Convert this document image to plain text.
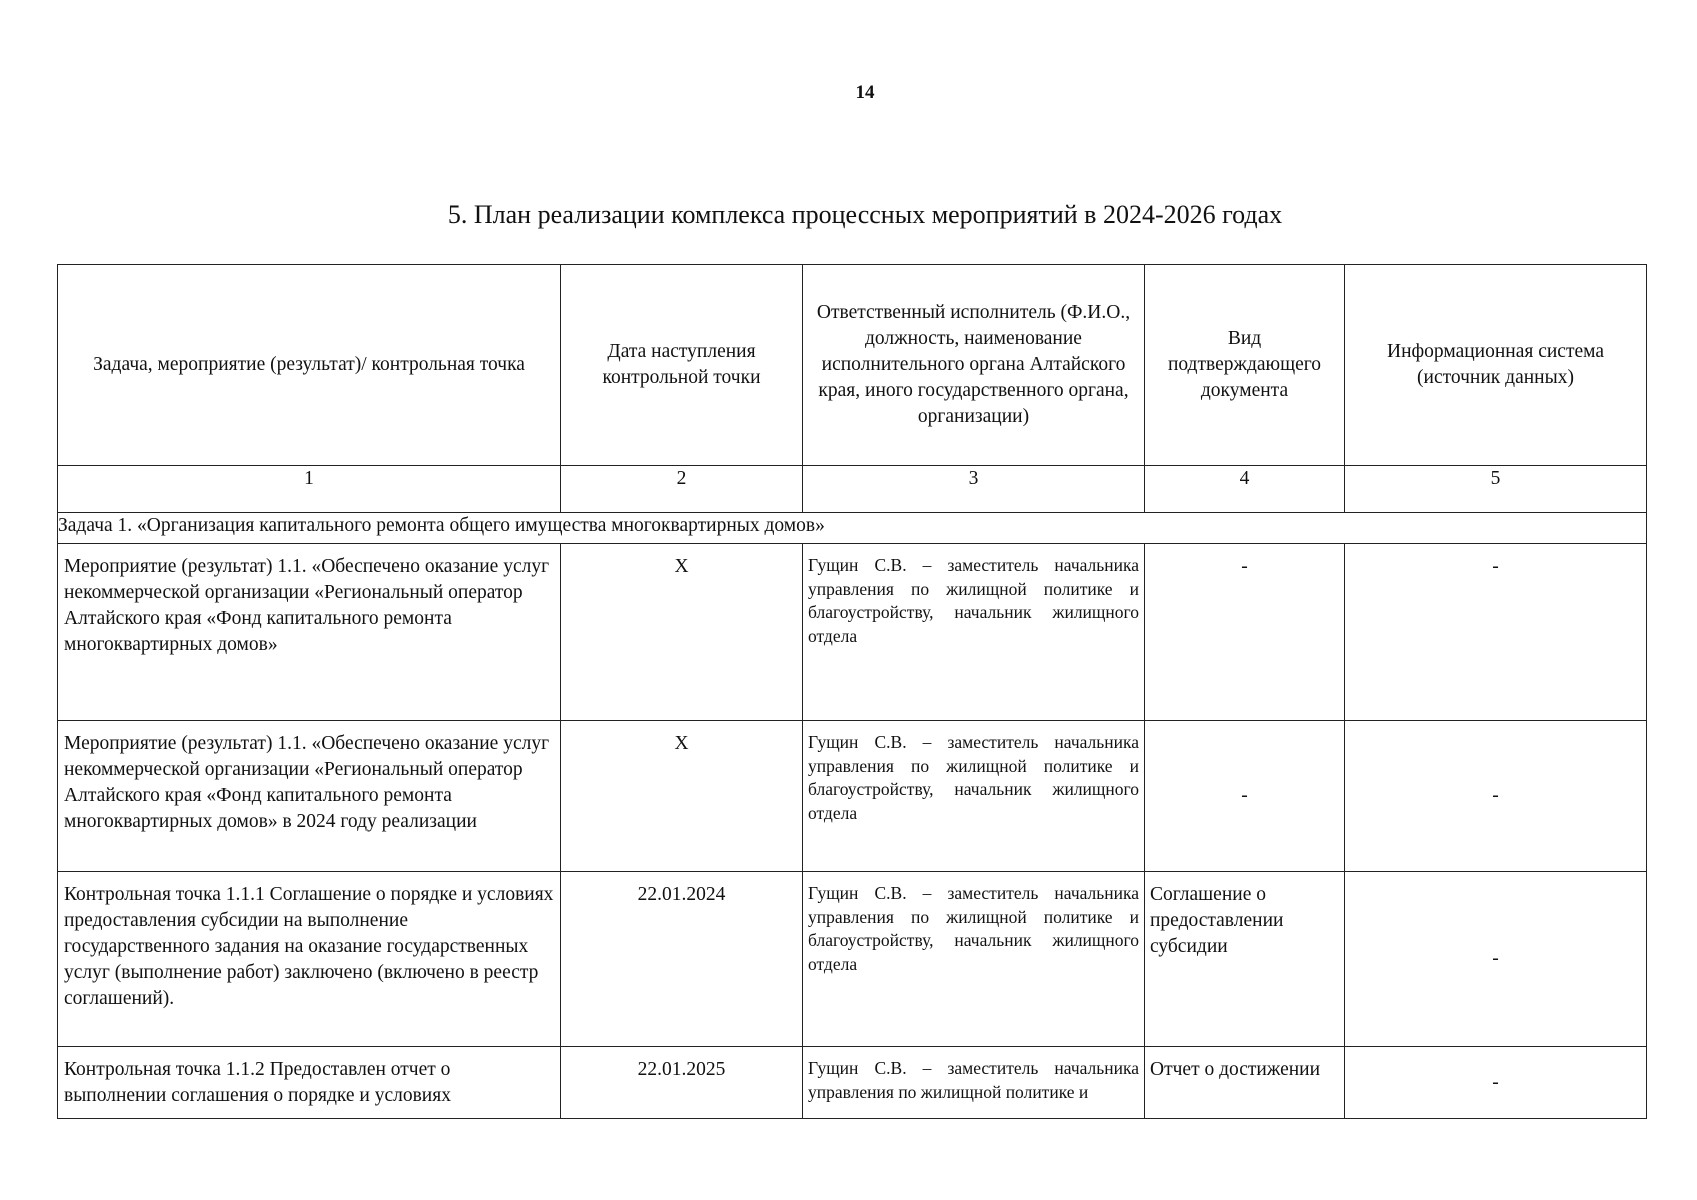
14
5. План реализации комплекса процессных мероприятий в 2024-2026 годах
Задача, мероприятие (результат)/ контрольная точка	Дата наступления контрольной точки	Ответственный исполнитель (Ф.И.О., должность, наименование исполнительного органа Алтайского края, иного государственного органа, организации)	Вид подтверждающего документа	Информационная система (источник данных)
1	2	3	4	5
Задача 1. «Организация капитального ремонта общего имущества многоквартирных домов»				
Мероприятие (результат) 1.1. «Обеспечено оказание услуг некоммерческой организации «Региональный оператор Алтайского края «Фонд капитального ремонта многоквартирных домов»	X	Гущин С.В. – заместитель начальника управления по жилищной политике и благоустройству, начальник жилищного отдела	-	-
Мероприятие (результат) 1.1. «Обеспечено оказание услуг некоммерческой организации «Региональный оператор Алтайского края «Фонд капитального ремонта многоквартирных домов» в 2024 году реализации	X	Гущин С.В. – заместитель начальника управления по жилищной политике и благоустройству, начальник жилищного отдела	-	-
Контрольная точка 1.1.1 Соглашение о порядке и условиях предоставления субсидии на выполнение государственного задания на оказание государственных услуг (выполнение работ) заключено (включено в реестр соглашений).	22.01.2024	Гущин С.В. – заместитель начальника управления по жилищной политике и благоустройству, начальник жилищного отдела	Соглашение о предоставлении субсидии	-
Контрольная точка 1.1.2 Предоставлен отчет о выполнении соглашения о порядке и условиях	22.01.2025	Гущин С.В. – заместитель начальника управления по жилищной политике и	Отчет о достижении	-
